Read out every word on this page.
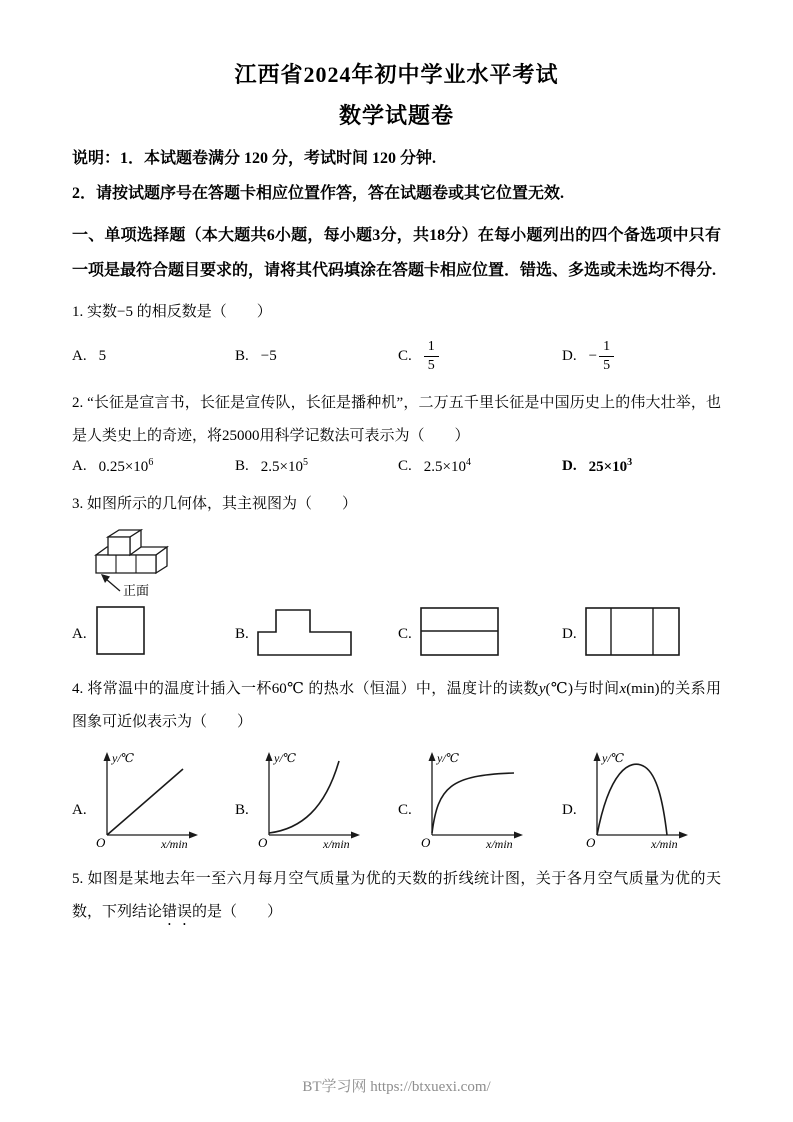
江西省2024年初中学业水平考试
数学试题卷

说明：1．本试题卷满分 120 分，考试时间 120 分钟.

2．请按试题序号在答题卡相应位置作答，答在试题卷或其它位置无效.

一、单项选择题（本大题共6小题，每小题3分，共18分）在每小题列出的四个备选项中只有一项是最符合题目要求的，请将其代码填涂在答题卡相应位置．错选、多选或未选均不得分.

1. 实数−5 的相反数是（　　）

A. 5	B. −5	C. $\frac{1}{5}$	D. − $\frac{1}{5}$

2. “长征是宣言书，长征是宣传队，长征是播种机”，二万五千里长征是中国历史上的伟大壮举，也是人类史上的奇迹，将25000用科学记数法可表示为（　　）

A. $0.25\times 10^6$	B. $2.5\times 10^5$	C. $2.5\times 10^4$	D. $25\times 10^3$

3. 如图所示的几何体，其主视图为（　　）

正面
A.	B.	C.	D.

4. 将常温中的温度计插入一杯60℃ 的热水（恒温）中，温度计的读数y(℃)与时间x(min)的关系用图象可近似表示为（　　）

A.
y/℃
x/min
O
B.
y/℃
x/min
O
C.
y/℃
x/min
O
D.
y/℃
x/min
O

5. 如图是某地去年一至六月每月空气质量为优的天数的折线统计图，关于各月空气质量为优的天数，下列结论错误的是（　　）

BT学习网 https://btxuexi.com/
